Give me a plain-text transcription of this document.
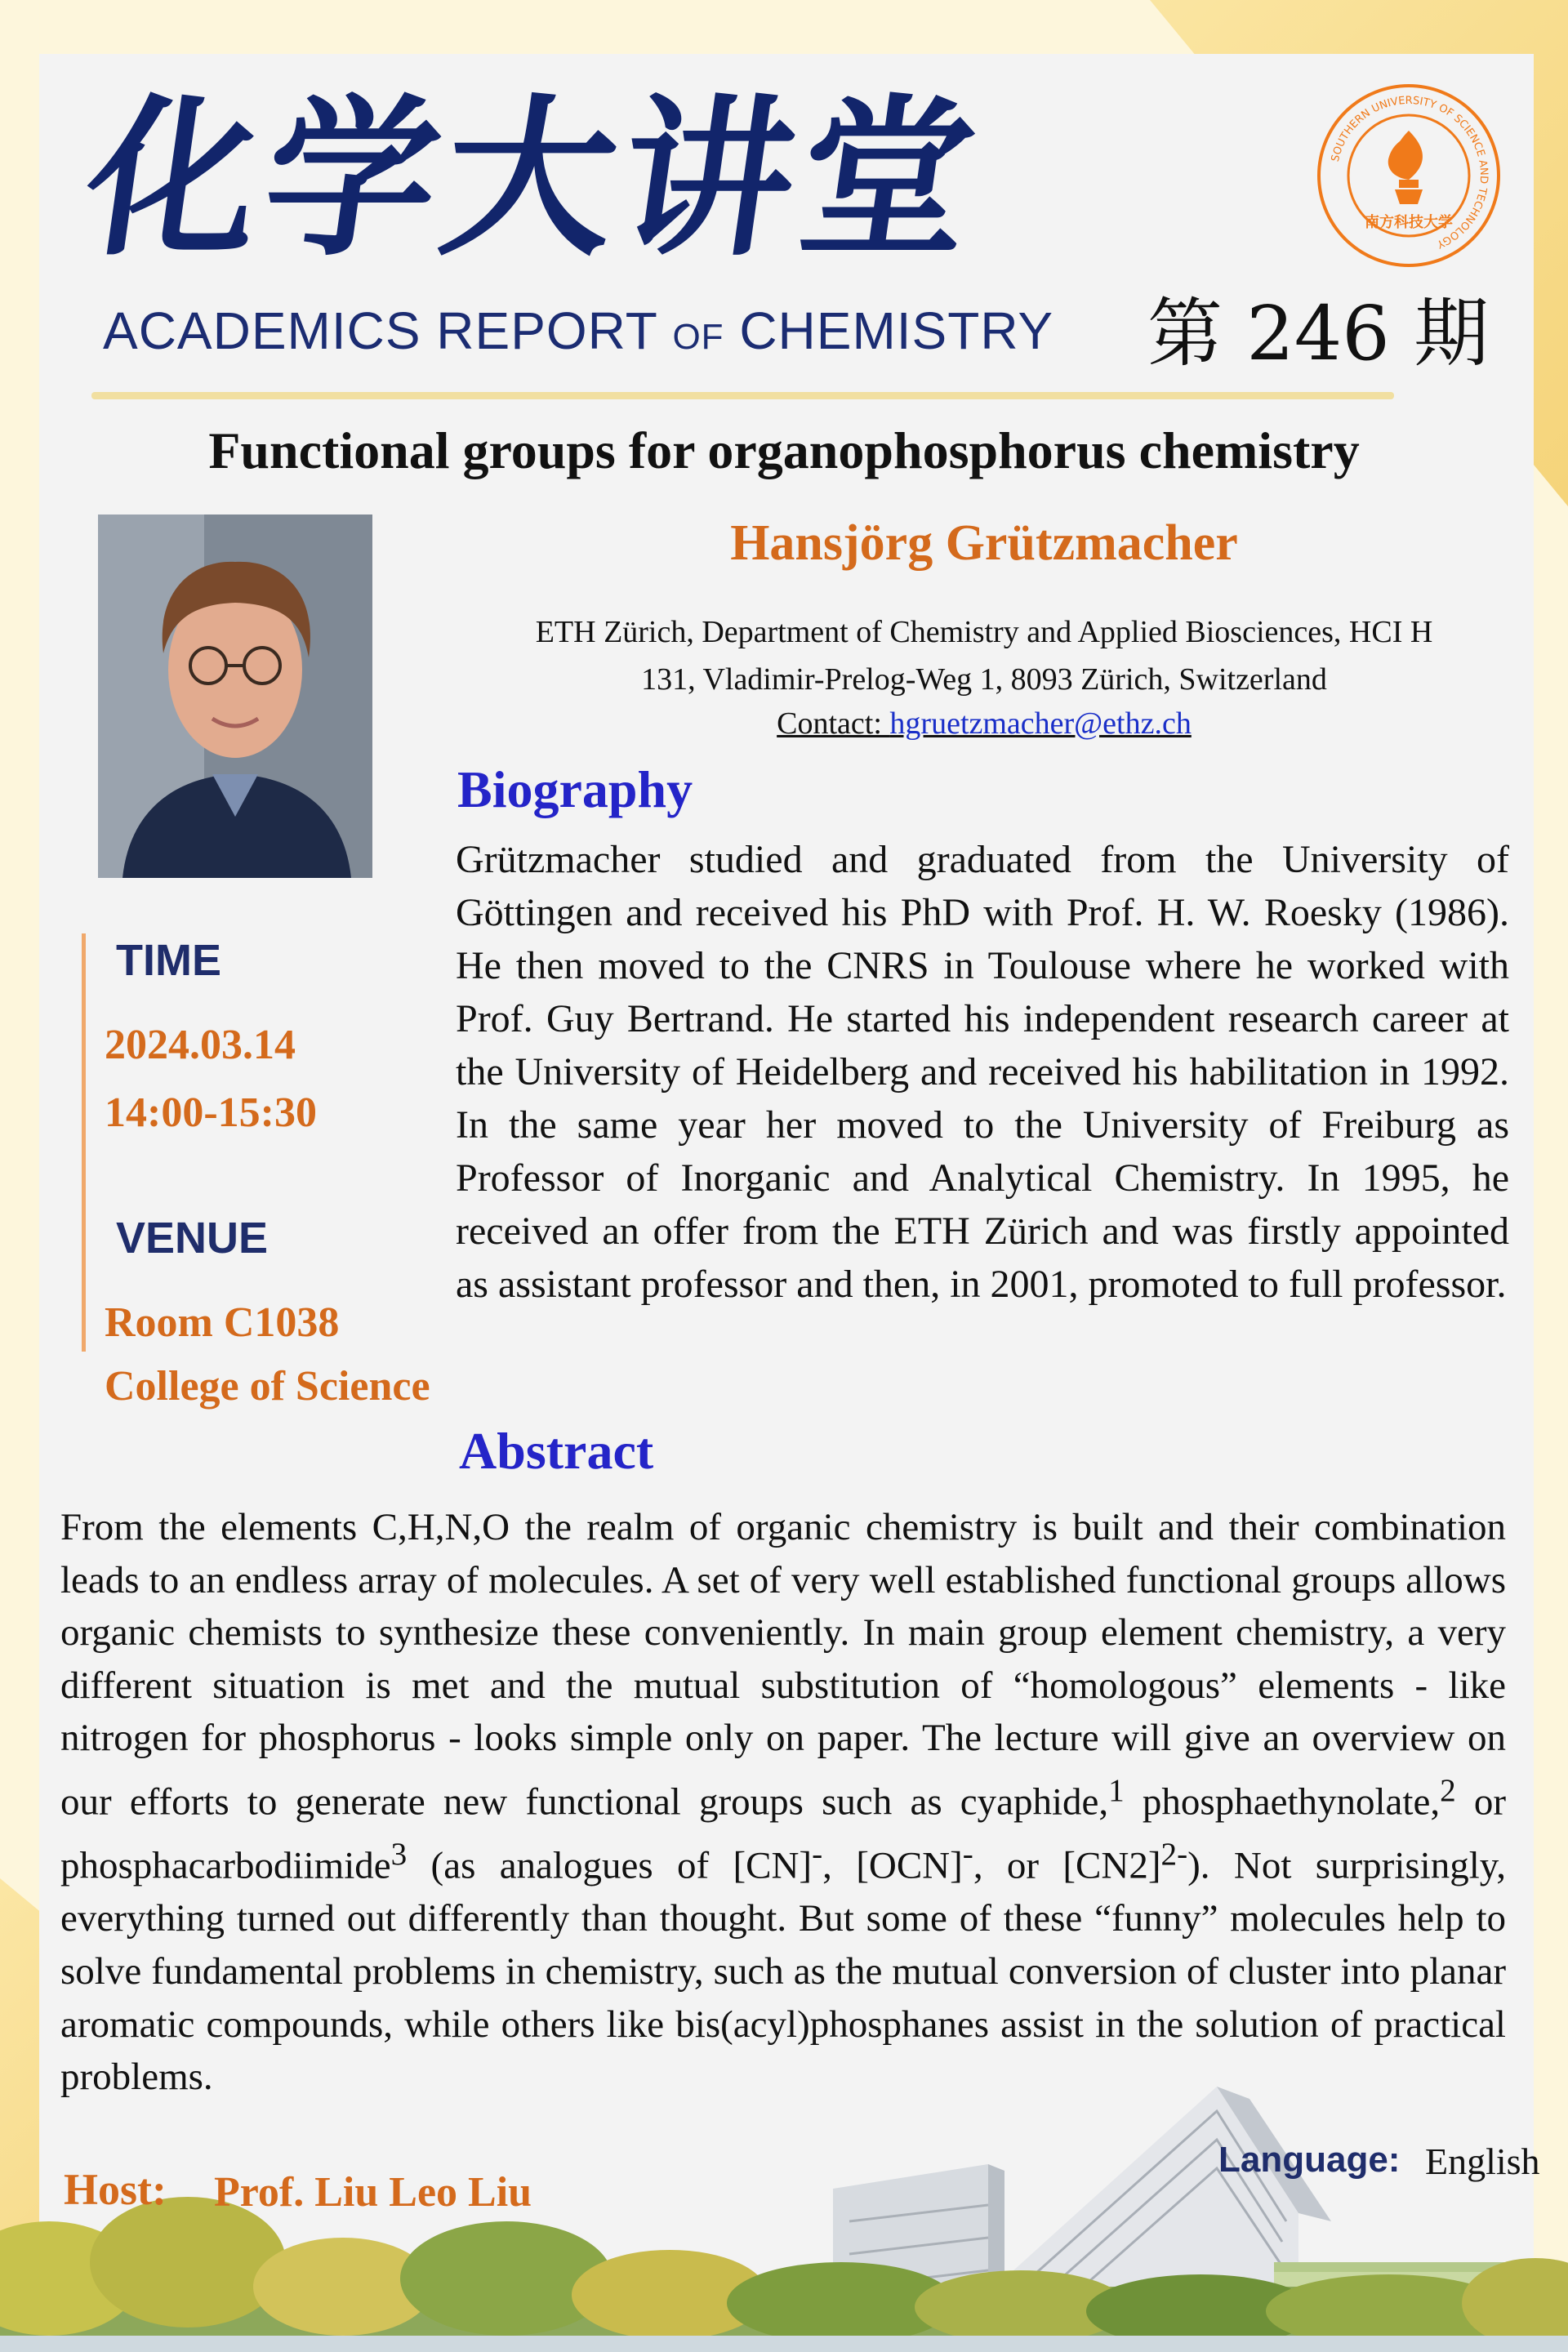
化学大讲堂
ACADEMICS REPORT OF CHEMISTRY
SOUTHERN UNIVERSITY OF SCIENCE AND TECHNOLOGY
南方科技大学
第 246 期
Functional groups for organophosphorus chemistry
Hansjörg Grützmacher
ETH Zürich, Department of Chemistry and Applied Biosciences, HCI H
131, Vladimir-Prelog-Weg 1, 8093 Zürich, Switzerland
Contact: hgruetzmacher@ethz.ch
Biography
Grützmacher studied and graduated from the University of Göttingen and received his PhD with Prof. H. W. Roesky (1986). He then moved to the CNRS in Toulouse where he worked with Prof. Guy Bertrand. He started his independent research career at the University of Heidelberg and received his habilitation in 1992. In the same year her moved to the University of Freiburg as Professor of Inorganic and Analytical Chemistry. In 1995, he received an offer from the ETH Zürich and was firstly appointed as assistant professor and then, in 2001, promoted to full professor.
TIME
2024.03.14
14:00-15:30
VENUE
Room C1038
College of Science
Abstract
From the elements C,H,N,O the realm of organic chemistry is built and their combination leads to an endless array of molecules. A set of very well established functional groups allows organic chemists to synthesize these conveniently. In main group element chemistry, a very different situation is met and the mutual substitution of “homologous” elements - like nitrogen for phosphorus - looks simple only on paper. The lecture will give an overview on our efforts to generate new functional groups such as cyaphide,$^1$ phosphaethynolate,$^2$ or phosphacarbodiimide$^3$ (as analogues of [CN]-, [OCN]-, or $[CN2]^{2-}$). Not surprisingly, everything turned out differently than thought. But some of these “funny” molecules help to solve fundamental problems in chemistry, such as the mutual conversion of cluster into planar aromatic compounds, while others like bis(acyl)phosphanes assist in the solution of practical problems.
Host: Prof. Liu Leo Liu
Language: English
